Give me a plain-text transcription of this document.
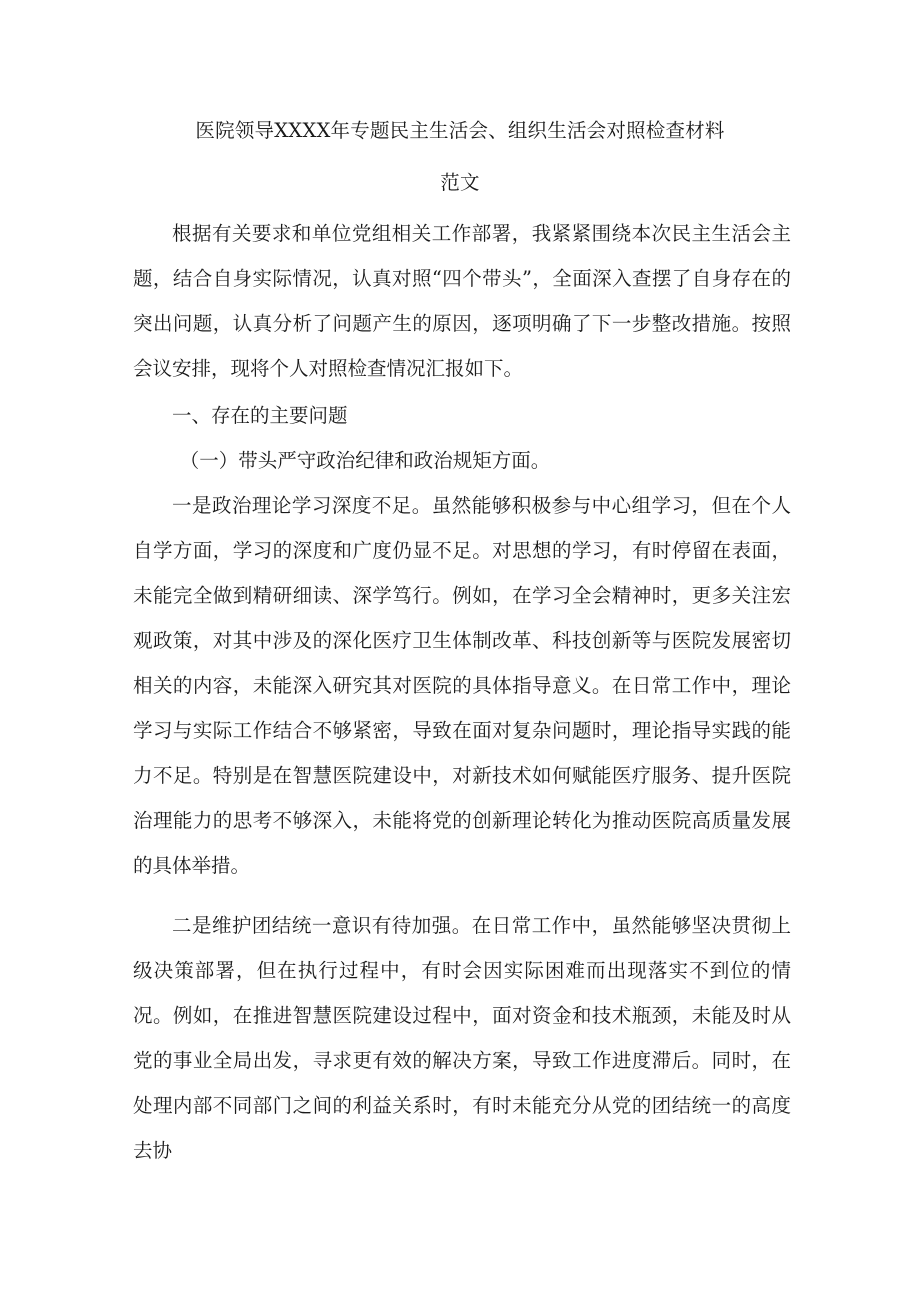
医院领导XXXX年专题民主生活会、组织生活会对照检查材料
范文

根据有关要求和单位党组相关工作部署，我紧紧围绕本次民主生活会主题，结合自身实际情况，认真对照“四个带头”，全面深入查摆了自身存在的突出问题，认真分析了问题产生的原因，逐项明确了下一步整改措施。按照会议安排，现将个人对照检查情况汇报如下。

一、存在的主要问题

（一）带头严守政治纪律和政治规矩方面。

一是政治理论学习深度不足。虽然能够积极参与中心组学习，但在个人自学方面，学习的深度和广度仍显不足。对思想的学习，有时停留在表面，未能完全做到精研细读、深学笃行。例如，在学习全会精神时，更多关注宏观政策，对其中涉及的深化医疗卫生体制改革、科技创新等与医院发展密切相关的内容，未能深入研究其对医院的具体指导意义。在日常工作中，理论学习与实际工作结合不够紧密，导致在面对复杂问题时，理论指导实践的能力不足。特别是在智慧医院建设中，对新技术如何赋能医疗服务、提升医院治理能力的思考不够深入，未能将党的创新理论转化为推动医院高质量发展的具体举措。

二是维护团结统一意识有待加强。在日常工作中，虽然能够坚决贯彻上级决策部署，但在执行过程中，有时会因实际困难而出现落实不到位的情况。例如，在推进智慧医院建设过程中，面对资金和技术瓶颈，未能及时从党的事业全局出发，寻求更有效的解决方案，导致工作进度滞后。同时，在处理内部不同部门之间的利益关系时，有时未能充分从党的团结统一的高度去协
